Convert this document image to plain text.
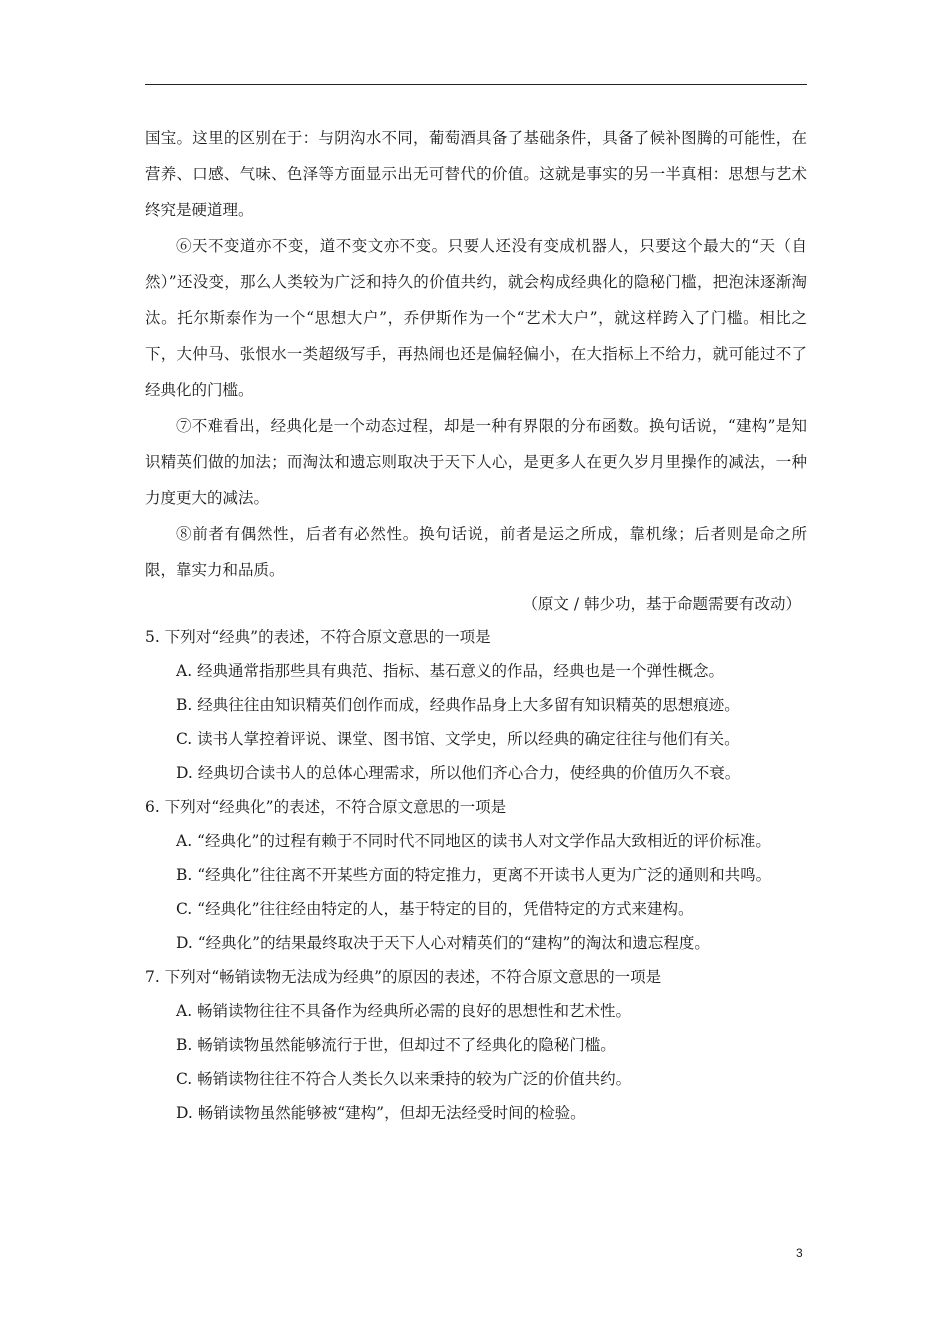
国宝。这里的区别在于：与阴沟水不同，葡萄酒具备了基础条件，具备了候补图腾的可能性，在营养、口感、气味、色泽等方面显示出无可替代的价值。这就是事实的另一半真相：思想与艺术终究是硬道理。

⑥天不变道亦不变，道不变文亦不变。只要人还没有变成机器人，只要这个最大的“天（自然）”还没变，那么人类较为广泛和持久的价值共约，就会构成经典化的隐秘门槛，把泡沫逐渐淘汰。托尔斯泰作为一个“思想大户”，乔伊斯作为一个“艺术大户”，就这样跨入了门槛。相比之下，大仲马、张恨水一类超级写手，再热闹也还是偏轻偏小，在大指标上不给力，就可能过不了经典化的门槛。

⑦不难看出，经典化是一个动态过程，却是一种有界限的分布函数。换句话说，“建构”是知识精英们做的加法；而淘汰和遗忘则取决于天下人心，是更多人在更久岁月里操作的减法，一种力度更大的减法。

⑧前者有偶然性，后者有必然性。换句话说，前者是运之所成，靠机缘；后者则是命之所限，靠实力和品质。

（原文 / 韩少功，基于命题需要有改动）

5. 下列对“经典”的表述，不符合原文意思的一项是

A. 经典通常指那些具有典范、指标、基石意义的作品，经典也是一个弹性概念。

B. 经典往往由知识精英们创作而成，经典作品身上大多留有知识精英的思想痕迹。

C. 读书人掌控着评说、课堂、图书馆、文学史，所以经典的确定往往与他们有关。

D. 经典切合读书人的总体心理需求，所以他们齐心合力，使经典的价值历久不衰。

6. 下列对“经典化”的表述，不符合原文意思的一项是

A. “经典化”的过程有赖于不同时代不同地区的读书人对文学作品大致相近的评价标准。

B. “经典化”往往离不开某些方面的特定推力，更离不开读书人更为广泛的通则和共鸣。

C. “经典化”往往经由特定的人，基于特定的目的，凭借特定的方式来建构。

D. “经典化”的结果最终取决于天下人心对精英们的“建构”的淘汰和遗忘程度。

7. 下列对“畅销读物无法成为经典”的原因的表述，不符合原文意思的一项是

A. 畅销读物往往不具备作为经典所必需的良好的思想性和艺术性。

B. 畅销读物虽然能够流行于世，但却过不了经典化的隐秘门槛。

C. 畅销读物往往不符合人类长久以来秉持的较为广泛的价值共约。

D. 畅销读物虽然能够被“建构”，但却无法经受时间的检验。

3
